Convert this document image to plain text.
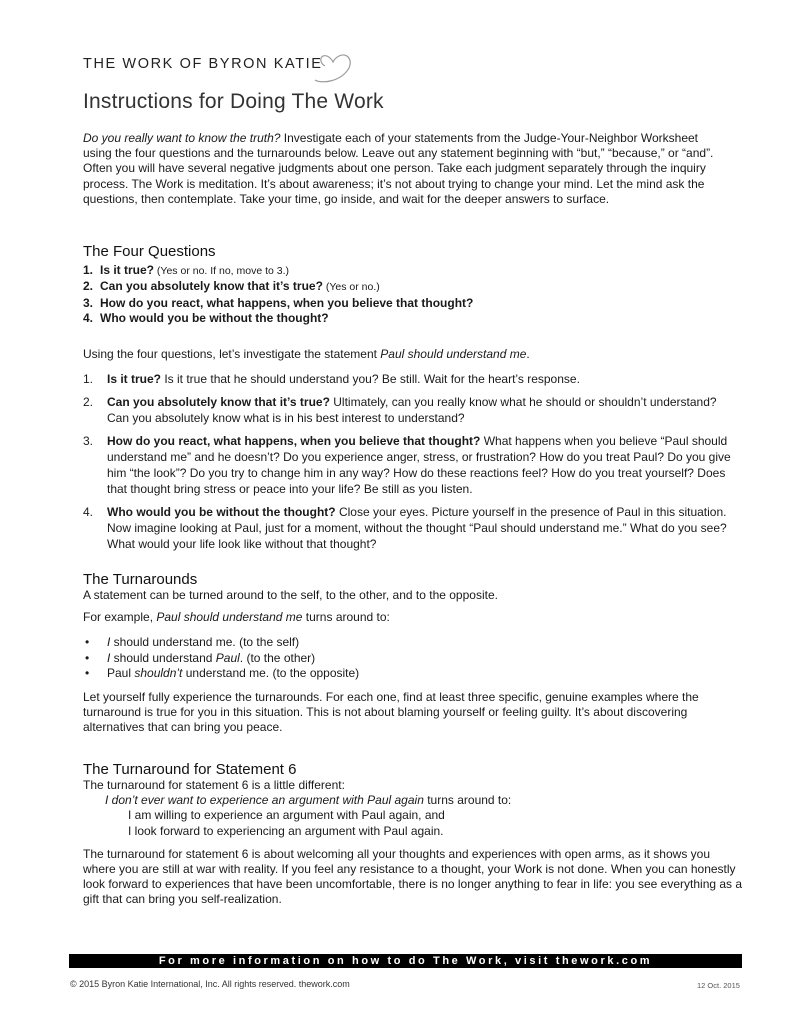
THE WORK OF BYRON KATIE
Instructions for Doing The Work

Do you really want to know the truth? Investigate each of your statements from the Judge-Your-Neighbor Worksheet using the four questions and the turnarounds below. Leave out any statement beginning with “but,” “because,” or “and”. Often you will have several negative judgments about one person. Take each judgment separately through the inquiry process. The Work is meditation. It’s about awareness; it’s not about trying to change your mind. Let the mind ask the questions, then contemplate. Take your time, go inside, and wait for the deeper answers to surface.

The Four Questions
1. Is it true? (Yes or no. If no, move to 3.)
2. Can you absolutely know that it’s true? (Yes or no.)
3. How do you react, what happens, when you believe that thought?
4. Who would you be without the thought?

Using the four questions, let’s investigate the statement Paul should understand me.

1. Is it true? Is it true that he should understand you? Be still. Wait for the heart’s response.
2. Can you absolutely know that it’s true? Ultimately, can you really know what he should or shouldn’t understand? Can you absolutely know what is in his best interest to understand?
3. How do you react, what happens, when you believe that thought? What happens when you believe “Paul should understand me” and he doesn’t? Do you experience anger, stress, or frustration? How do you treat Paul? Do you give him “the look”? Do you try to change him in any way? How do these reactions feel? How do you treat yourself? Does that thought bring stress or peace into your life? Be still as you listen.
4. Who would you be without the thought? Close your eyes. Picture yourself in the presence of Paul in this situation. Now imagine looking at Paul, just for a moment, without the thought “Paul should understand me.” What do you see? What would your life look like without that thought?
The Turnarounds

A statement can be turned around to the self, to the other, and to the opposite.

For example, Paul should understand me turns around to:

• I should understand me. (to the self)
• I should understand Paul. (to the other)
• Paul shouldn’t understand me. (to the opposite)

Let yourself fully experience the turnarounds. For each one, find at least three specific, genuine examples where the turnaround is true for you in this situation. This is not about blaming yourself or feeling guilty. It’s about discovering alternatives that can bring you peace.

The Turnaround for Statement 6

The turnaround for statement 6 is a little different:

I don’t ever want to experience an argument with Paul again turns around to:

I am willing to experience an argument with Paul again, and

I look forward to experiencing an argument with Paul again.

The turnaround for statement 6 is about welcoming all your thoughts and experiences with open arms, as it shows you where you are still at war with reality. If you feel any resistance to a thought, your Work is not done. When you can honestly look forward to experiences that have been uncomfortable, there is no longer anything to fear in life: you see everything as a gift that can bring you self-realization.

For more information on how to do The Work, visit thework.com
© 2015 Byron Katie International, Inc. All rights reserved. thework.com	12 Oct. 2015
